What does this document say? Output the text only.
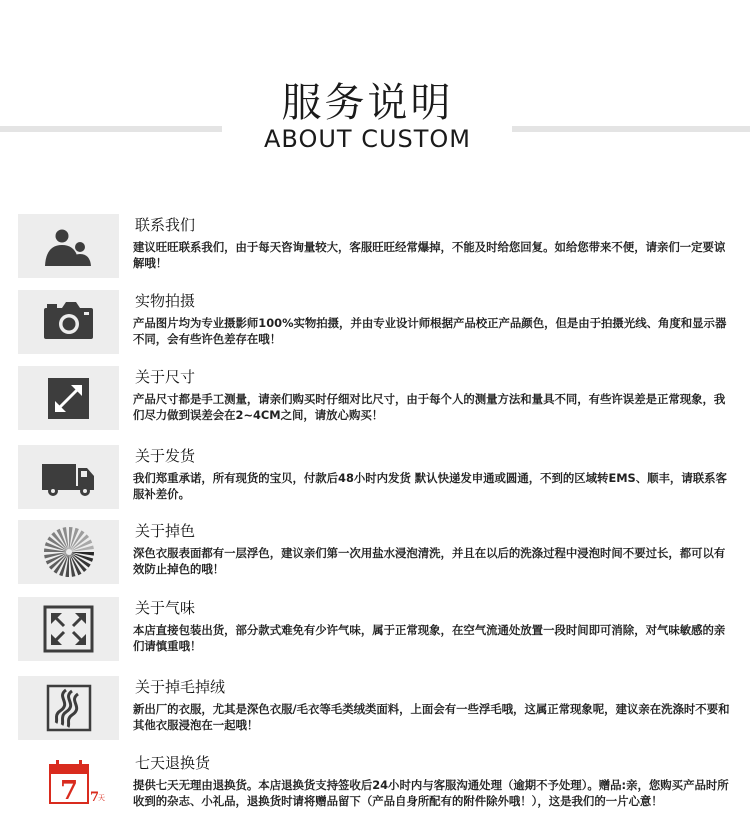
服务说明
ABOUT CUSTOM
联系我们
建议旺旺联系我们，由于每天咨询量较大，客服旺旺经常爆掉，不能及时给您回复。如给您带来不便，请亲们一定要谅解哦！
实物拍摄
产品图片均为专业摄影师100%实物拍摄，并由专业设计师根据产品校正产品颜色，但是由于拍摄光线、角度和显示器不同，会有些许色差存在哦！
关于尺寸
产品尺寸都是手工测量，请亲们购买时仔细对比尺寸，由于每个人的测量方法和量具不同，有些许误差是正常现象，我们尽力做到误差会在2~4CM之间，请放心购买！
关于发货
我们郑重承诺，所有现货的宝贝，付款后48小时内发货 默认快递发申通或圆通，不到的区域转EMS、顺丰，请联系客服补差价。
关于掉色
深色衣服表面都有一层浮色，建议亲们第一次用盐水浸泡清洗，并且在以后的洗涤过程中浸泡时间不要过长，都可以有效防止掉色的哦！
关于气味
本店直接包装出货，部分款式难免有少许气味，属于正常现象，在空气流通处放置一段时间即可消除，对气味敏感的亲们请慎重哦！
关于掉毛掉绒
新出厂的衣服，尤其是深色衣服/毛衣等毛类绒类面料，上面会有一些浮毛哦，这属正常现象呢，建议亲在洗涤时不要和其他衣服浸泡在一起哦！
7 7
天
七天退换货
提供七天无理由退换货。本店退换货支持签收后24小时内与客服沟通处理（逾期不予处理）。赠品:亲，您购买产品时所收到的杂志、小礼品，退换货时请将赠品留下（产品自身所配有的附件除外哦！），这是我们的一片心意！
